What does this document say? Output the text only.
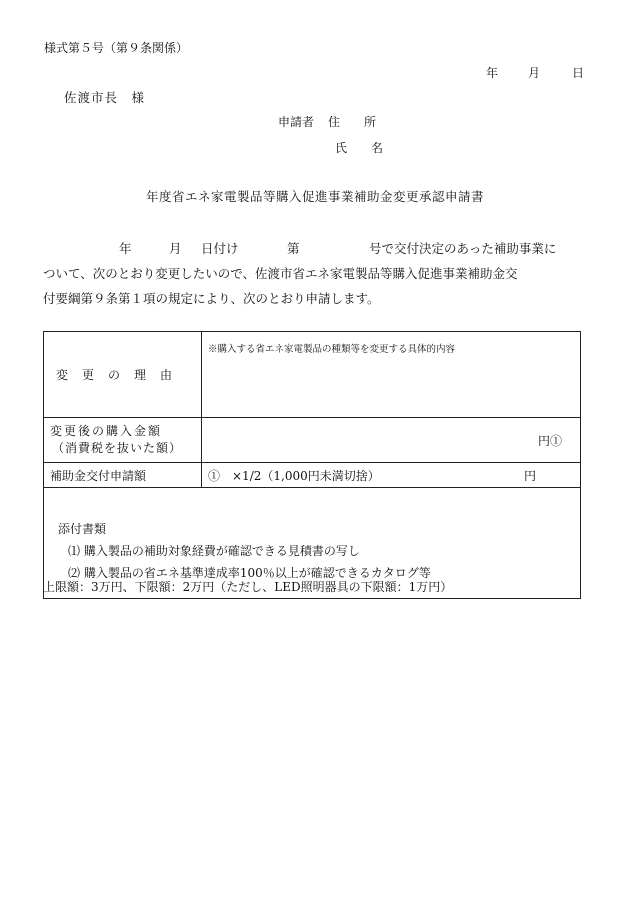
様式第５号（第９条関係）
年	月	日
佐渡市長　様
申請者 住　　所
氏　　名
年度省エネ家電製品等購入促進事業補助金変更承認申請書
年	月 日付け	第	号で交付決定のあった補助事業に
ついて、次のとおり変更したいので、佐渡市省エネ家電製品等購入促進事業補助金交
付要綱第９条第１項の規定により、次のとおり申請します。
変更の理由	※購入する省エネ家電製品の種類等を変更する具体的内容

変更後の購入金額
（消費税を抜いた額）	円①
補助金交付申請額	①　×1/2（1,000円未満切捨） 円

添付書類
⑴ 購入製品の補助対象経費が確認できる見積書の写し
⑵ 購入製品の省エネ基準達成率100％以上が確認できるカタログ等	
上限額：3万円、下限額：2万円（ただし、LED照明器具の下限額：1万円）
